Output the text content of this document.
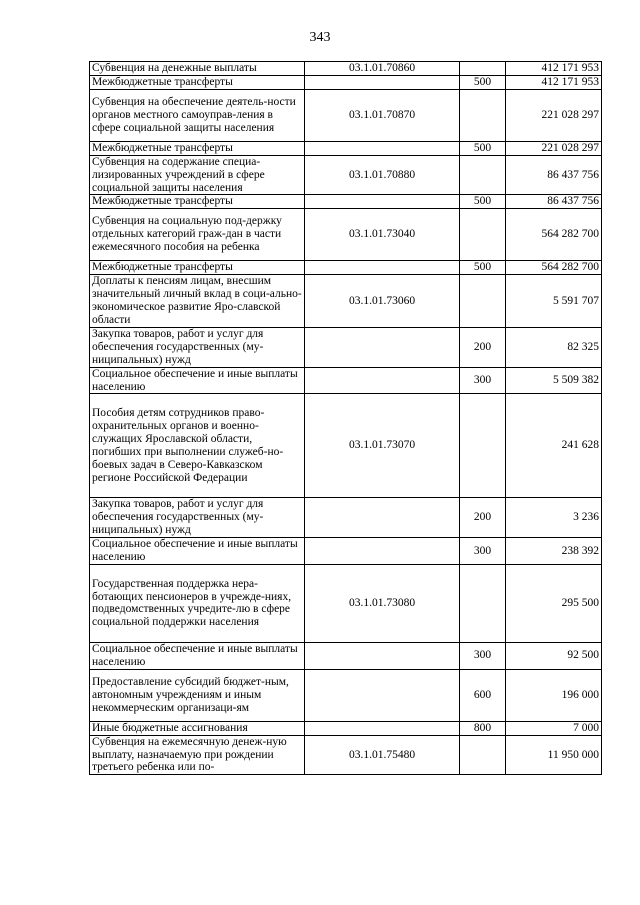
343
Субвенция на денежные выплаты	03.1.01.70860		412 171 953
Межбюджетные трансферты		500	412 171 953
Субвенция на обеспечение деятель-ности органов местного самоуправ-ления в сфере социальной защиты населения	03.1.01.70870		221 028 297
Межбюджетные трансферты		500	221 028 297
Субвенция на содержание специа-лизированных учреждений в сфере социальной защиты населения	03.1.01.70880		86 437 756
Межбюджетные трансферты		500	86 437 756
Субвенция на социальную под-держку отдельных категорий граж-дан в части ежемесячного пособия на ребенка	03.1.01.73040		564 282 700
Межбюджетные трансферты		500	564 282 700
Доплаты к пенсиям лицам, внесшим значительный личный вклад в соци-ально-экономическое развитие Яро-славской области	03.1.01.73060		5 591 707
Закупка товаров, работ и услуг для обеспечения государственных (му-ниципальных) нужд		200	82 325
Социальное обеспечение и иные выплаты населению		300	5 509 382
Пособия детям сотрудников право-охранительных органов и военно-служащих Ярославской области, погибших при выполнении служеб-но-боевых задач в Северо-Кавказском регионе Российской Федерации	03.1.01.73070		241 628
Закупка товаров, работ и услуг для обеспечения государственных (му-ниципальных) нужд		200	3 236
Социальное обеспечение и иные выплаты населению		300	238 392
Государственная поддержка нера-ботающих пенсионеров в учрежде-ниях, подведомственных учредите-лю в сфере социальной поддержки населения	03.1.01.73080		295 500
Социальное обеспечение и иные выплаты населению		300	92 500
Предоставление субсидий бюджет-ным, автономным учреждениям и иным некоммерческим организаци-ям		600	196 000
Иные бюджетные ассигнования		800	7 000
Субвенция на ежемесячную денеж-ную выплату, назначаемую при рождении третьего ребенка или по-	03.1.01.75480		11 950 000
